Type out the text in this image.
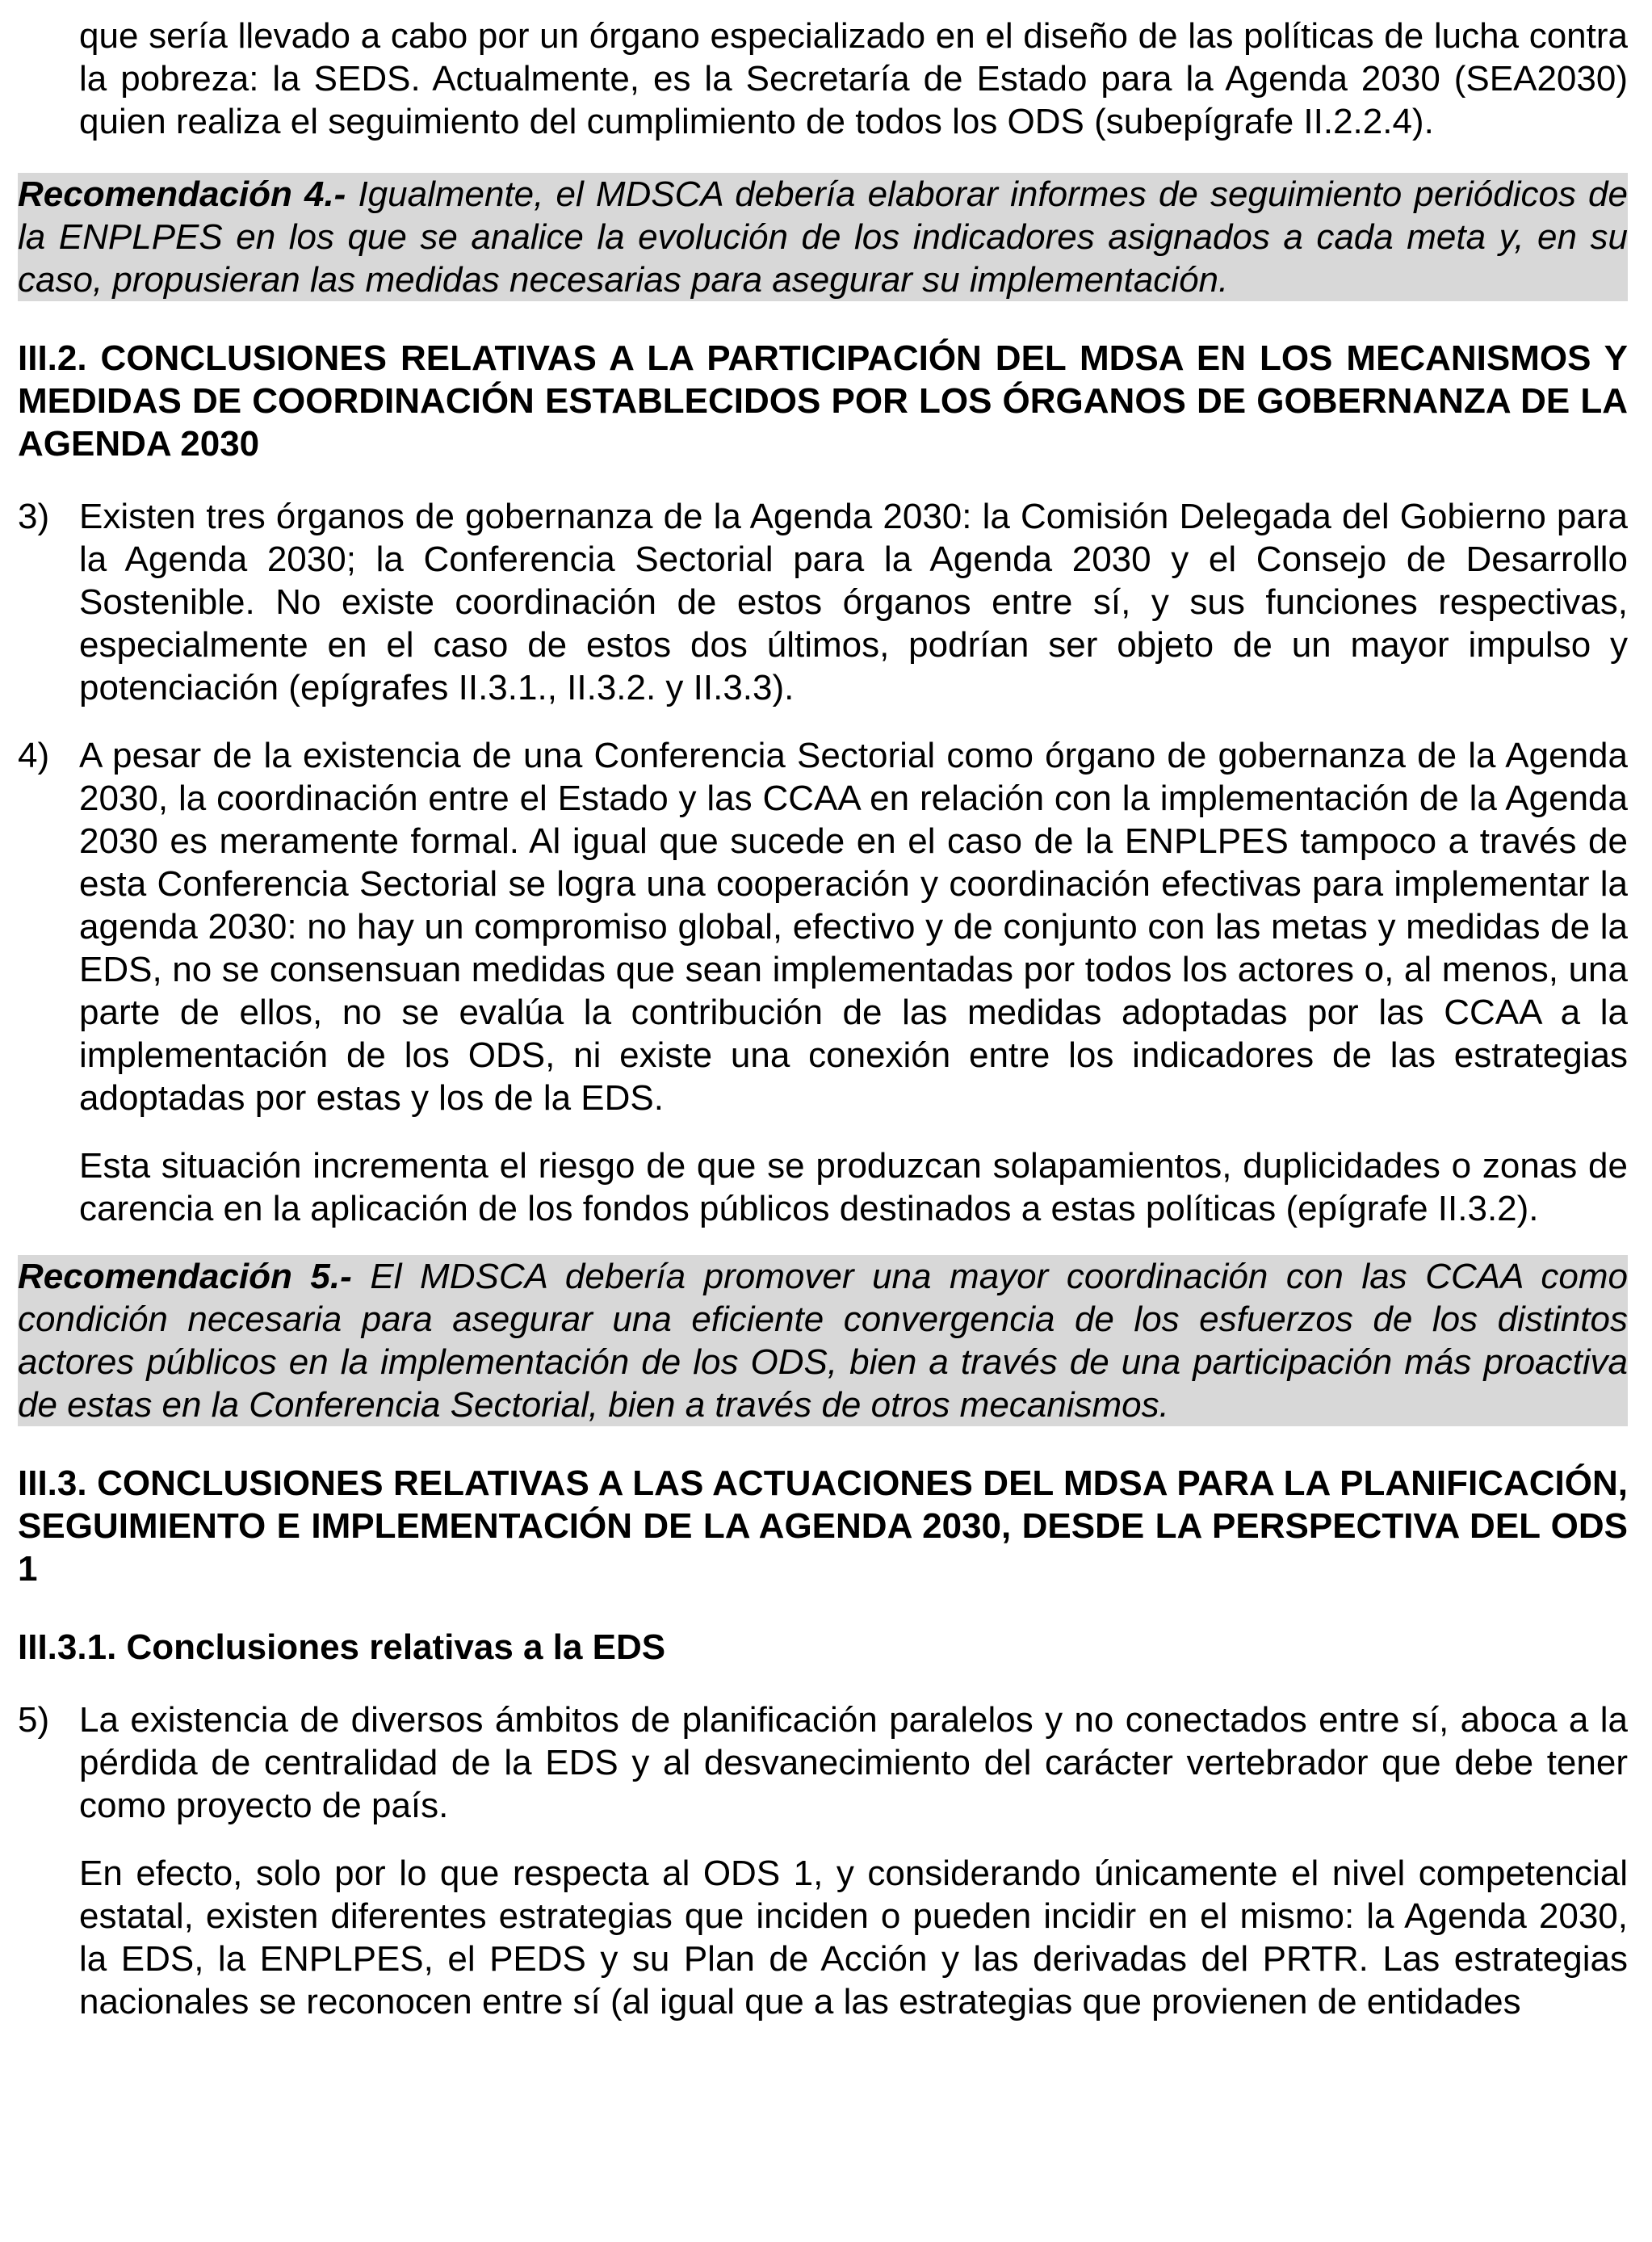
que sería llevado a cabo por un órgano especializado en el diseño de las políticas de lucha contra la pobreza: la SEDS. Actualmente, es la Secretaría de Estado para la Agenda 2030 (SEA2030) quien realiza el seguimiento del cumplimiento de todos los ODS (subepígrafe II.2.2.4).

Recomendación 4.- Igualmente, el MDSCA debería elaborar informes de seguimiento periódicos de la ENPLPES en los que se analice la evolución de los indicadores asignados a cada meta y, en su caso, propusieran las medidas necesarias para asegurar su implementación.

III.2. CONCLUSIONES RELATIVAS A LA PARTICIPACIÓN DEL MDSA EN LOS MECANISMOS Y MEDIDAS DE COORDINACIÓN ESTABLECIDOS POR LOS ÓRGANOS DE GOBERNANZA DE LA AGENDA 2030
3) Existen tres órganos de gobernanza de la Agenda 2030: la Comisión Delegada del Gobierno para la Agenda 2030; la Conferencia Sectorial para la Agenda 2030 y el Consejo de Desarrollo Sostenible. No existe coordinación de estos órganos entre sí, y sus funciones respectivas, especialmente en el caso de estos dos últimos, podrían ser objeto de un mayor impulso y potenciación (epígrafes II.3.1., II.3.2. y II.3.3).

4) A pesar de la existencia de una Conferencia Sectorial como órgano de gobernanza de la Agenda 2030, la coordinación entre el Estado y las CCAA en relación con la implementación de la Agenda 2030 es meramente formal. Al igual que sucede en el caso de la ENPLPES tampoco a través de esta Conferencia Sectorial se logra una cooperación y coordinación efectivas para implementar la agenda 2030: no hay un compromiso global, efectivo y de conjunto con las metas y medidas de la EDS, no se consensuan medidas que sean implementadas por todos los actores o, al menos, una parte de ellos, no se evalúa la contribución de las medidas adoptadas por las CCAA a la implementación de los ODS, ni existe una conexión entre los indicadores de las estrategias adoptadas por estas y los de la EDS.

Esta situación incrementa el riesgo de que se produzcan solapamientos, duplicidades o zonas de carencia en la aplicación de los fondos públicos destinados a estas políticas (epígrafe II.3.2).

Recomendación 5.- El MDSCA debería promover una mayor coordinación con las CCAA como condición necesaria para asegurar una eficiente convergencia de los esfuerzos de los distintos actores públicos en la implementación de los ODS, bien a través de una participación más proactiva de estas en la Conferencia Sectorial, bien a través de otros mecanismos.

III.3. CONCLUSIONES RELATIVAS A LAS ACTUACIONES DEL MDSA PARA LA PLANIFICACIÓN, SEGUIMIENTO E IMPLEMENTACIÓN DE LA AGENDA 2030, DESDE LA PERSPECTIVA DEL ODS 1
III.3.1. Conclusiones relativas a la EDS
5) La existencia de diversos ámbitos de planificación paralelos y no conectados entre sí, aboca a la pérdida de centralidad de la EDS y al desvanecimiento del carácter vertebrador que debe tener como proyecto de país.

En efecto, solo por lo que respecta al ODS 1, y considerando únicamente el nivel competencial estatal, existen diferentes estrategias que inciden o pueden incidir en el mismo: la Agenda 2030, la EDS, la ENPLPES, el PEDS y su Plan de Acción y las derivadas del PRTR. Las estrategias nacionales se reconocen entre sí (al igual que a las estrategias que provienen de entidades
